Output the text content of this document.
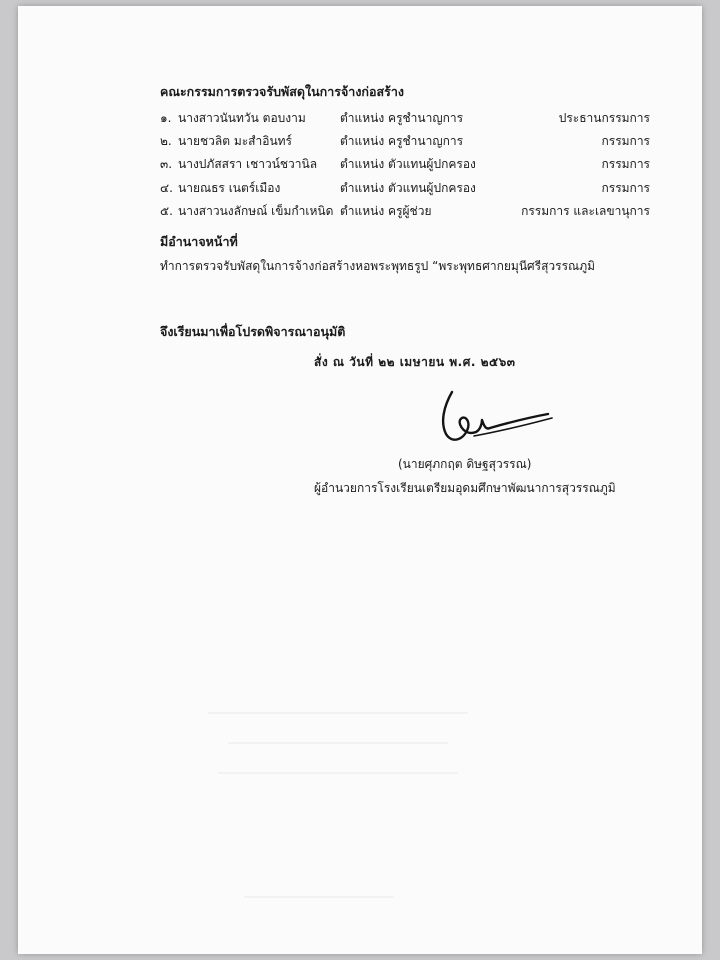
คณะกรรมการตรวจรับพัสดุในการจ้างก่อสร้าง
๑. นางสาวนันทวัน ตอบงาม	ตำแหน่ง ครูชำนาญการ	ประธานกรรมการ
๒. นายชวลิต มะสำอินทร์	ตำแหน่ง ครูชำนาญการ	กรรมการ
๓. นางปภัสสรา เชาวน์ชวานิล	ตำแหน่ง ตัวแทนผู้ปกครอง	กรรมการ
๔. นายณธร เนตร์เมือง	ตำแหน่ง ตัวแทนผู้ปกครอง	กรรมการ
๕. นางสาวนงลักษณ์ เข็มกำเหนิด ตำแหน่ง ครูผู้ช่วย	กรรมการ และเลขานุการ
มีอำนาจหน้าที่
ทำการตรวจรับพัสดุในการจ้างก่อสร้างหอพระพุทธรูป “พระพุทธศากยมุนีศรีสุวรรณภูมิ
จึงเรียนมาเพื่อโปรดพิจารณาอนุมัติ
สั่ง ณ วันที่ ๒๒ เมษายน พ.ศ. ๒๕๖๓
(นายศุภกฤต ดิษฐสุวรรณ)
ผู้อำนวยการโรงเรียนเตรียมอุดมศึกษาพัฒนาการสุวรรณภูมิ
